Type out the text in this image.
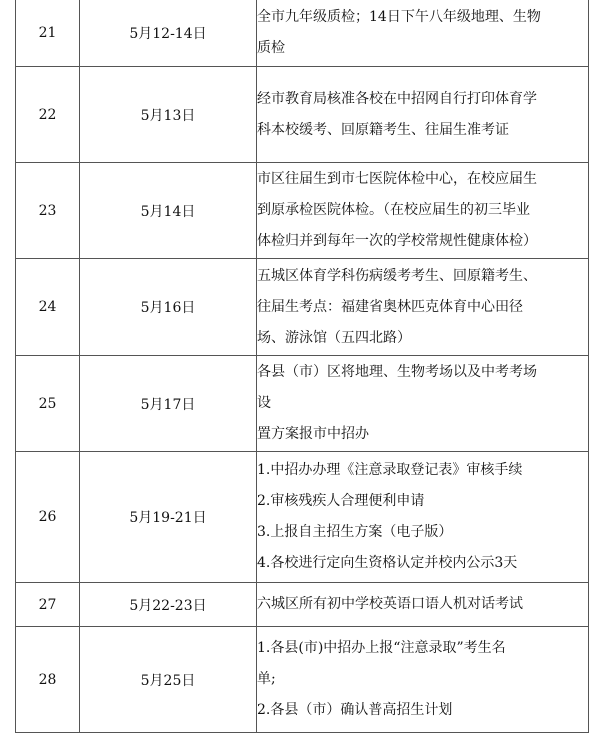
21	5月12-14日	全市九年级质检；14日下午八年级地理、生物
质检

22	5月13日	经市教育局核准各校在中招网自行打印体育学
科本校缓考、回原籍考生、往届生准考证

23	5月14日	市区往届生到市七医院体检中心，在校应届生
到原承检医院体检。（在校应届生的初三毕业
体检归并到每年一次的学校常规性健康体检）

24	5月16日	五城区体育学科伤病缓考考生、回原籍考生、
往届生考点：福建省奥林匹克体育中心田径
场、游泳馆（五四北路）

25	5月17日	各县（市）区将地理、生物考场以及中考考场
设
置方案报市中招办

26	5月19-21日	1.中招办办理《注意录取登记表》审核手续
2.审核残疾人合理便利申请
3.上报自主招生方案（电子版）
4.各校进行定向生资格认定并校内公示3天

27	5月22-23日	六城区所有初中学校英语口语人机对话考试

28	5月25日	1.各县(市)中招办上报“注意录取”考生名
单;
2.各县（市）确认普高招生计划
